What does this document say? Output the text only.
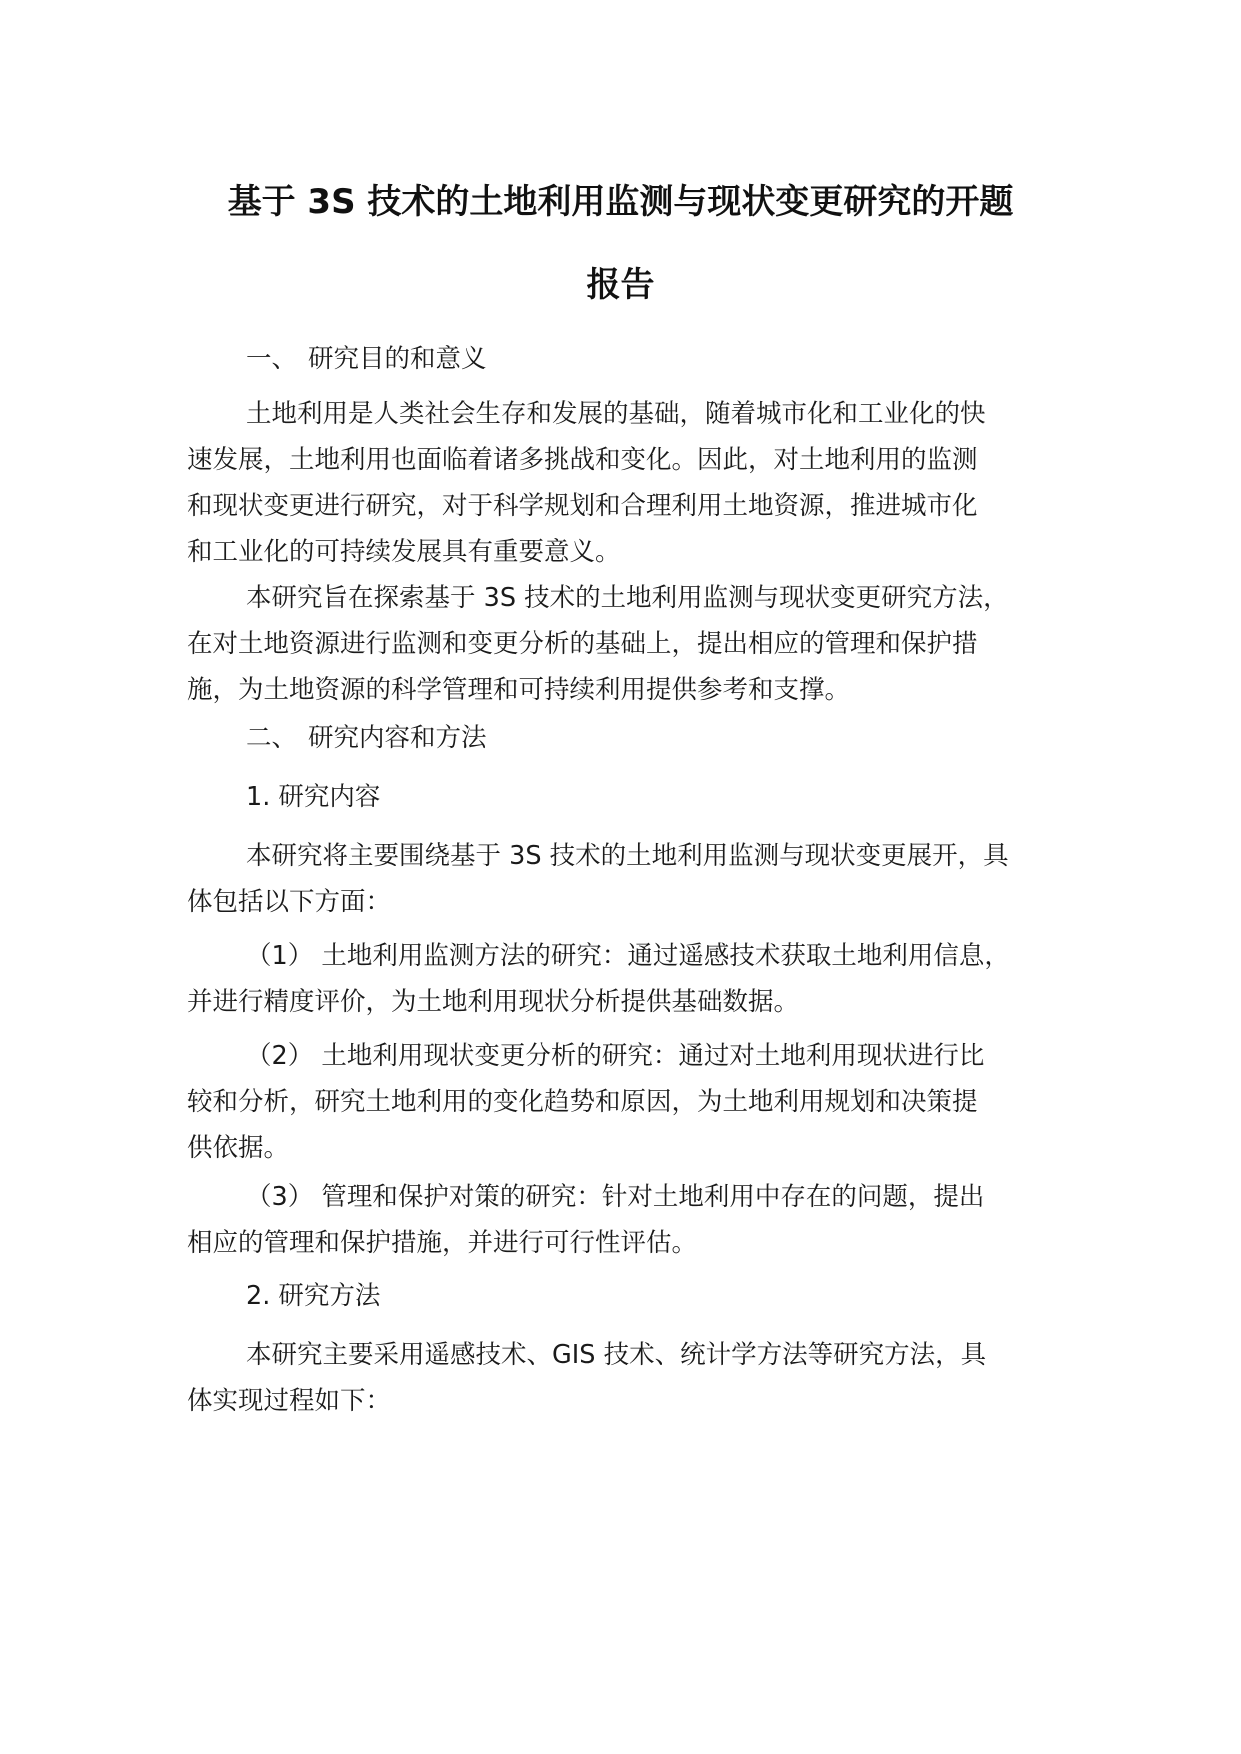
基于 3S 技术的土地利用监测与现状变更研究的开题
报告
一、 研究目的和意义
土地利用是人类社会生存和发展的基础，随着城市化和工业化的快
速发展，土地利用也面临着诸多挑战和变化。因此，对土地利用的监测
和现状变更进行研究，对于科学规划和合理利用土地资源，推进城市化
和工业化的可持续发展具有重要意义。
本研究旨在探索基于 3S 技术的土地利用监测与现状变更研究方法，
在对土地资源进行监测和变更分析的基础上，提出相应的管理和保护措
施，为土地资源的科学管理和可持续利用提供参考和支撑。
二、 研究内容和方法
1. 研究内容
本研究将主要围绕基于 3S 技术的土地利用监测与现状变更展开，具
体包括以下方面：
（1） 土地利用监测方法的研究：通过遥感技术获取土地利用信息，
并进行精度评价，为土地利用现状分析提供基础数据。
（2） 土地利用现状变更分析的研究：通过对土地利用现状进行比
较和分析，研究土地利用的变化趋势和原因，为土地利用规划和决策提
供依据。
（3） 管理和保护对策的研究：针对土地利用中存在的问题，提出
相应的管理和保护措施，并进行可行性评估。
2. 研究方法
本研究主要采用遥感技术、GIS 技术、统计学方法等研究方法，具
体实现过程如下：
